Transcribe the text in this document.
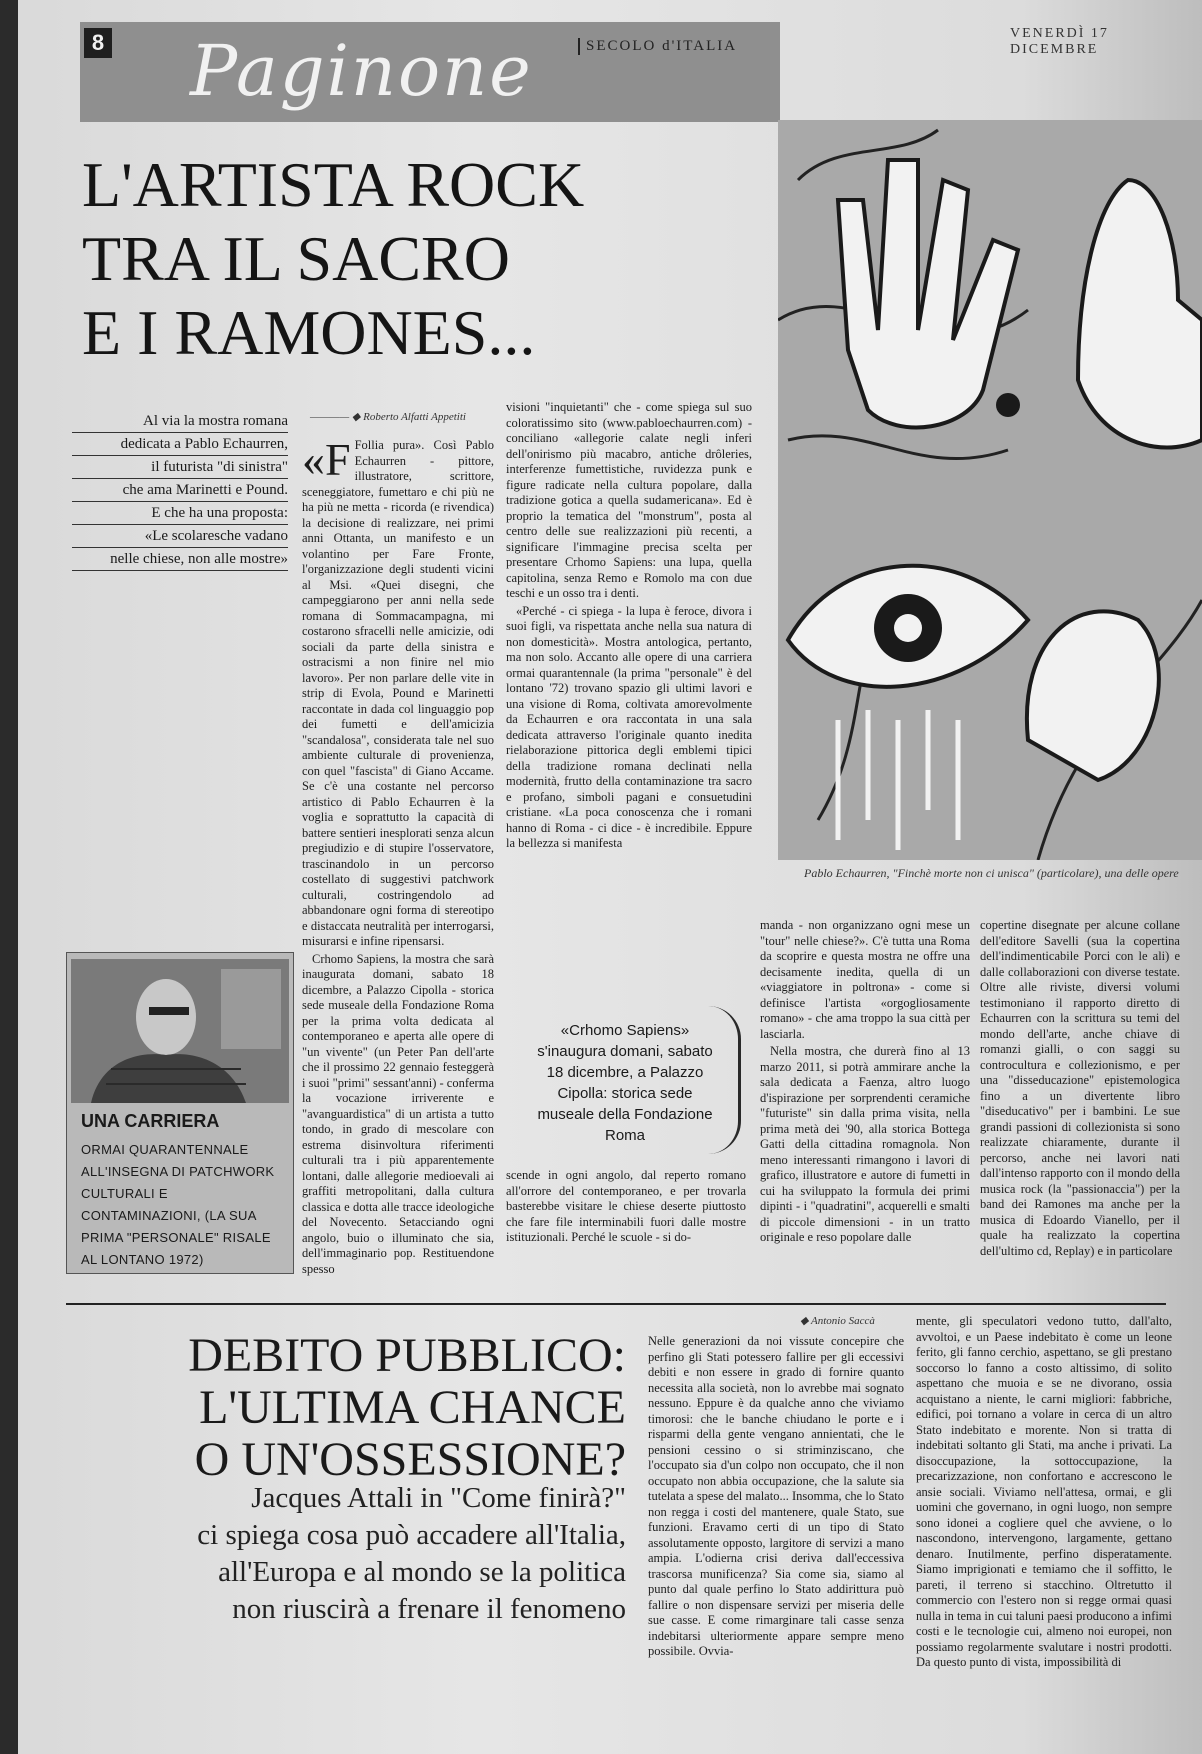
8 Paginone	SECOLO d'ITALIA
VENERDÌ 17 DICEMBRE
L'ARTISTA ROCK
TRA IL SACRO
E I RAMONES...
Pablo Echaurren, "Finchè morte non ci unisca" (particolare), una delle opere

Al via la mostra romana

dedicata a Pablo Echaurren,

il futurista "di sinistra"

che ama Marinetti e Pound.

E che ha una proposta:

«Le scolaresche vadano

nelle chiese, non alle mostre»

———— ◆ Roberto Alfatti Appetiti

«F Follia pura». Così Pablo Echaurren - pittore, illustratore, scrittore, sceneggiatore, fumettaro e chi più ne ha più ne metta - ricorda (e rivendica) la decisione di realizzare, nei primi anni Ottanta, un manifesto e un volantino per Fare Fronte, l'organizzazione degli studenti vicini al Msi. «Quei disegni, che campeggiarono per anni nella sede romana di Sommacampagna, mi costarono sfracelli nelle amicizie, odi sociali da parte della sinistra e ostracismi a non finire nel mio lavoro». Per non parlare delle vite in strip di Evola, Pound e Marinetti raccontate in dada col linguaggio pop dei fumetti e dell'amicizia "scandalosa", considerata tale nel suo ambiente culturale di provenienza, con quel "fascista" di Giano Accame. Se c'è una costante nel percorso artistico di Pablo Echaurren è la voglia e soprattutto la capacità di battere sentieri inesplorati senza alcun pregiudizio e di stupire l'osservatore, trascinandolo in un percorso costellato di suggestivi patchwork culturali, costringendolo ad abbandonare ogni forma di stereotipo e distaccata neutralità per interrogarsi, misurarsi e infine ripensarsi.

Crhomo Sapiens, la mostra che sarà inaugurata domani, sabato 18 dicembre, a Palazzo Cipolla - storica sede museale della Fondazione Roma per la prima volta dedicata al contemporaneo e aperta alle opere di "un vivente" (un Peter Pan dell'arte che il prossimo 22 gennaio festeggerà i suoi "primi" sessant'anni) - conferma la vocazione irriverente e "avanguardistica" di un artista a tutto tondo, in grado di mescolare con estrema disinvoltura riferimenti culturali tra i più apparentemente lontani, dalle allegorie medioevali ai graffiti metropolitani, dalla cultura classica e dotta alle tracce ideologiche del Novecento. Setacciando ogni angolo, buio o illuminato che sia, dell'immaginario pop. Restituendone spesso

visioni "inquietanti" che - come spiega sul suo coloratissimo sito (www.pabloechaurren.com) - conciliano «allegorie calate negli inferi dell'onirismo più macabro, antiche drôleries, interferenze fumettistiche, ruvidezza punk e figure radicate nella cultura popolare, dalla tradizione gotica a quella sudamericana». Ed è proprio la tematica del "monstrum", posta al centro delle sue realizzazioni più recenti, a significare l'immagine precisa scelta per presentare Crhomo Sapiens: una lupa, quella capitolina, senza Remo e Romolo ma con due teschi e un osso tra i denti.

«Perché - ci spiega - la lupa è feroce, divora i suoi figli, va rispettata anche nella sua natura di non domesticità». Mostra antologica, pertanto, ma non solo. Accanto alle opere di una carriera ormai quarantennale (la prima "personale" è del lontano '72) trovano spazio gli ultimi lavori e una visione di Roma, coltivata amorevolmente da Echaurren e ora raccontata in una sala dedicata attraverso l'originale quanto inedita rielaborazione pittorica degli emblemi tipici della tradizione romana declinati nella modernità, frutto della contaminazione tra sacro e profano, simboli pagani e consuetudini cristiane. «La poca conoscenza che i romani hanno di Roma - ci dice - è incredibile. Eppure la bellezza si manifesta

«Crhomo Sapiens» s'inaugura domani, sabato 18 dicembre, a Palazzo Cipolla: storica sede museale della Fondazione Roma

scende in ogni angolo, dal reperto romano all'orrore del contemporaneo, e per trovarla basterebbe visitare le chiese deserte piuttosto che fare file interminabili fuori dalle mostre istituzionali. Perché le scuole - si do-

manda - non organizzano ogni mese un "tour" nelle chiese?». C'è tutta una Roma da scoprire e questa mostra ne offre una decisamente inedita, quella di un «viaggiatore in poltrona» - come si definisce l'artista «orgogliosamente romano» - che ama troppo la sua città per lasciarla.

Nella mostra, che durerà fino al 13 marzo 2011, si potrà ammirare anche la sala dedicata a Faenza, altro luogo d'ispirazione per sorprendenti ceramiche "futuriste" sin dalla prima visita, nella prima metà dei '90, alla storica Bottega Gatti della cittadina romagnola. Non meno interessanti rimangono i lavori di grafico, illustratore e autore di fumetti in cui ha sviluppato la formula dei primi dipinti - i "quadratini", acquerelli e smalti di piccole dimensioni - in un tratto originale e reso popolare dalle

copertine disegnate per alcune collane dell'editore Savelli (sua la copertina dell'indimenticabile Porci con le ali) e dalle collaborazioni con diverse testate. Oltre alle riviste, diversi volumi testimoniano il rapporto diretto di Echaurren con la scrittura su temi del mondo dell'arte, anche chiave di romanzi gialli, o con saggi su controcultura e collezionismo, e per una "disseducazione" epistemologica fino a un divertente libro "diseducativo" per i bambini. Le sue grandi passioni di collezionista si sono realizzate chiaramente, durante il percorso, anche nei lavori nati dall'intenso rapporto con il mondo della musica rock (la "passionaccia") per la band dei Ramones ma anche per la musica di Edoardo Vianello, per il quale ha realizzato la copertina dell'ultimo cd, Replay) e in particolare

UNA CARRIERA
ORMAI QUARANTENNALE ALL'INSEGNA DI PATCHWORK CULTURALI E CONTAMINAZIONI, (LA SUA PRIMA "PERSONALE" RISALE AL LONTANO 1972)
DEBITO PUBBLICO:
L'ULTIMA CHANCE
O UN'OSSESSIONE?
Jacques Attali in "Come finirà?"
ci spiega cosa può accadere all'Italia,
all'Europa e al mondo se la politica
non riuscirà a frenare il fenomeno
◆ Antonio Saccà

Nelle generazioni da noi vissute concepire che perfino gli Stati potessero fallire per gli eccessivi debiti e non essere in grado di fornire quanto necessita alla società, non lo avrebbe mai sognato nessuno. Eppure è da qualche anno che viviamo timorosi: che le banche chiudano le porte e i risparmi della gente vengano annientati, che le pensioni cessino o si striminziscano, che l'occupato sia d'un colpo non occupato, che il non occupato non abbia occupazione, che la salute sia tutelata a spese del malato... Insomma, che lo Stato non regga i costi del mantenere, quale Stato, sue funzioni. Eravamo certi di un tipo di Stato assolutamente opposto, largitore di servizi a mano ampia. L'odierna crisi deriva dall'eccessiva trascorsa munificenza? Sia come sia, siamo al punto dal quale perfino lo Stato addirittura può fallire o non dispensare servizi per miseria delle sue casse. E come rimarginare tali casse senza indebitarsi ulteriormente appare sempre meno possibile. Ovvia-

mente, gli speculatori vedono tutto, dall'alto, avvoltoi, e un Paese indebitato è come un leone ferito, gli fanno cerchio, aspettano, se gli prestano soccorso lo fanno a costo altissimo, di solito aspettano che muoia e se ne divorano, ossia acquistano a niente, le carni migliori: fabbriche, edifici, poi tornano a volare in cerca di un altro Stato indebitato e morente. Non si tratta di indebitati soltanto gli Stati, ma anche i privati. La disoccupazione, la sottoccupazione, la precarizzazione, non confortano e accrescono le ansie sociali. Viviamo nell'attesa, ormai, e gli uomini che governano, in ogni luogo, non sempre sono idonei a cogliere quel che avviene, o lo nascondono, intervengono, largamente, gettano denaro. Inutilmente, perfino disperatamente. Siamo imprigionati e temiamo che il soffitto, le pareti, il terreno si stacchino. Oltretutto il commercio con l'estero non si regge ormai quasi nulla in tema in cui taluni paesi producono a infimi costi e le tecnologie cui, almeno noi europei, non possiamo regolarmente svalutare i nostri prodotti. Da questo punto di vista, impossibilità di
